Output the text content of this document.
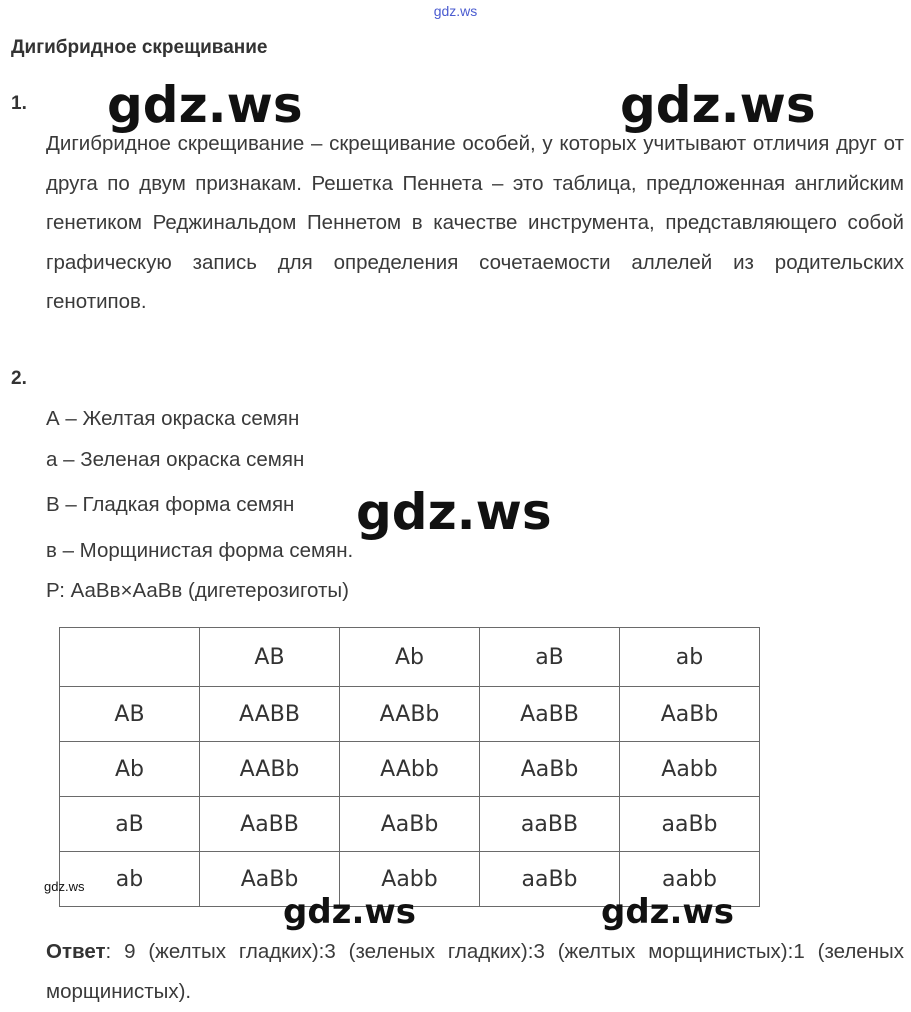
gdz.ws
Дигибридное скрещивание
1.
Дигибридное скрещивание – скрещивание особей, у которых учитывают отличия друг от друга по двум признакам. Решетка Пеннета – это таблица, предложенная английским генетиком Реджинальдом Пеннетом в качестве инструмента, представляющего собой графическую запись для определения сочетаемости аллелей из родительских генотипов.
2.
А – Желтая окраска семян
а – Зеленая окраска семян
В – Гладкая форма семян
в – Морщинистая форма семян.
Р: АаВв×АаВв (дигетерозиготы)
	AB	Ab	aB	ab
AB	AABB	AABb	AaBB	AaBb
Ab	AABb	AAbb	AaBb	Aabb
aB	AaBB	AaBb	aaBB	aaBb
ab	AaBb	Aabb	aaBb	aabb
Ответ: 9 (желтых гладких):3 (зеленых гладких):3 (желтых морщинистых):1 (зеленых морщинистых).
gdz.ws	gdz.ws
gdz.ws
gdz.ws	gdz.ws
gdz.ws
